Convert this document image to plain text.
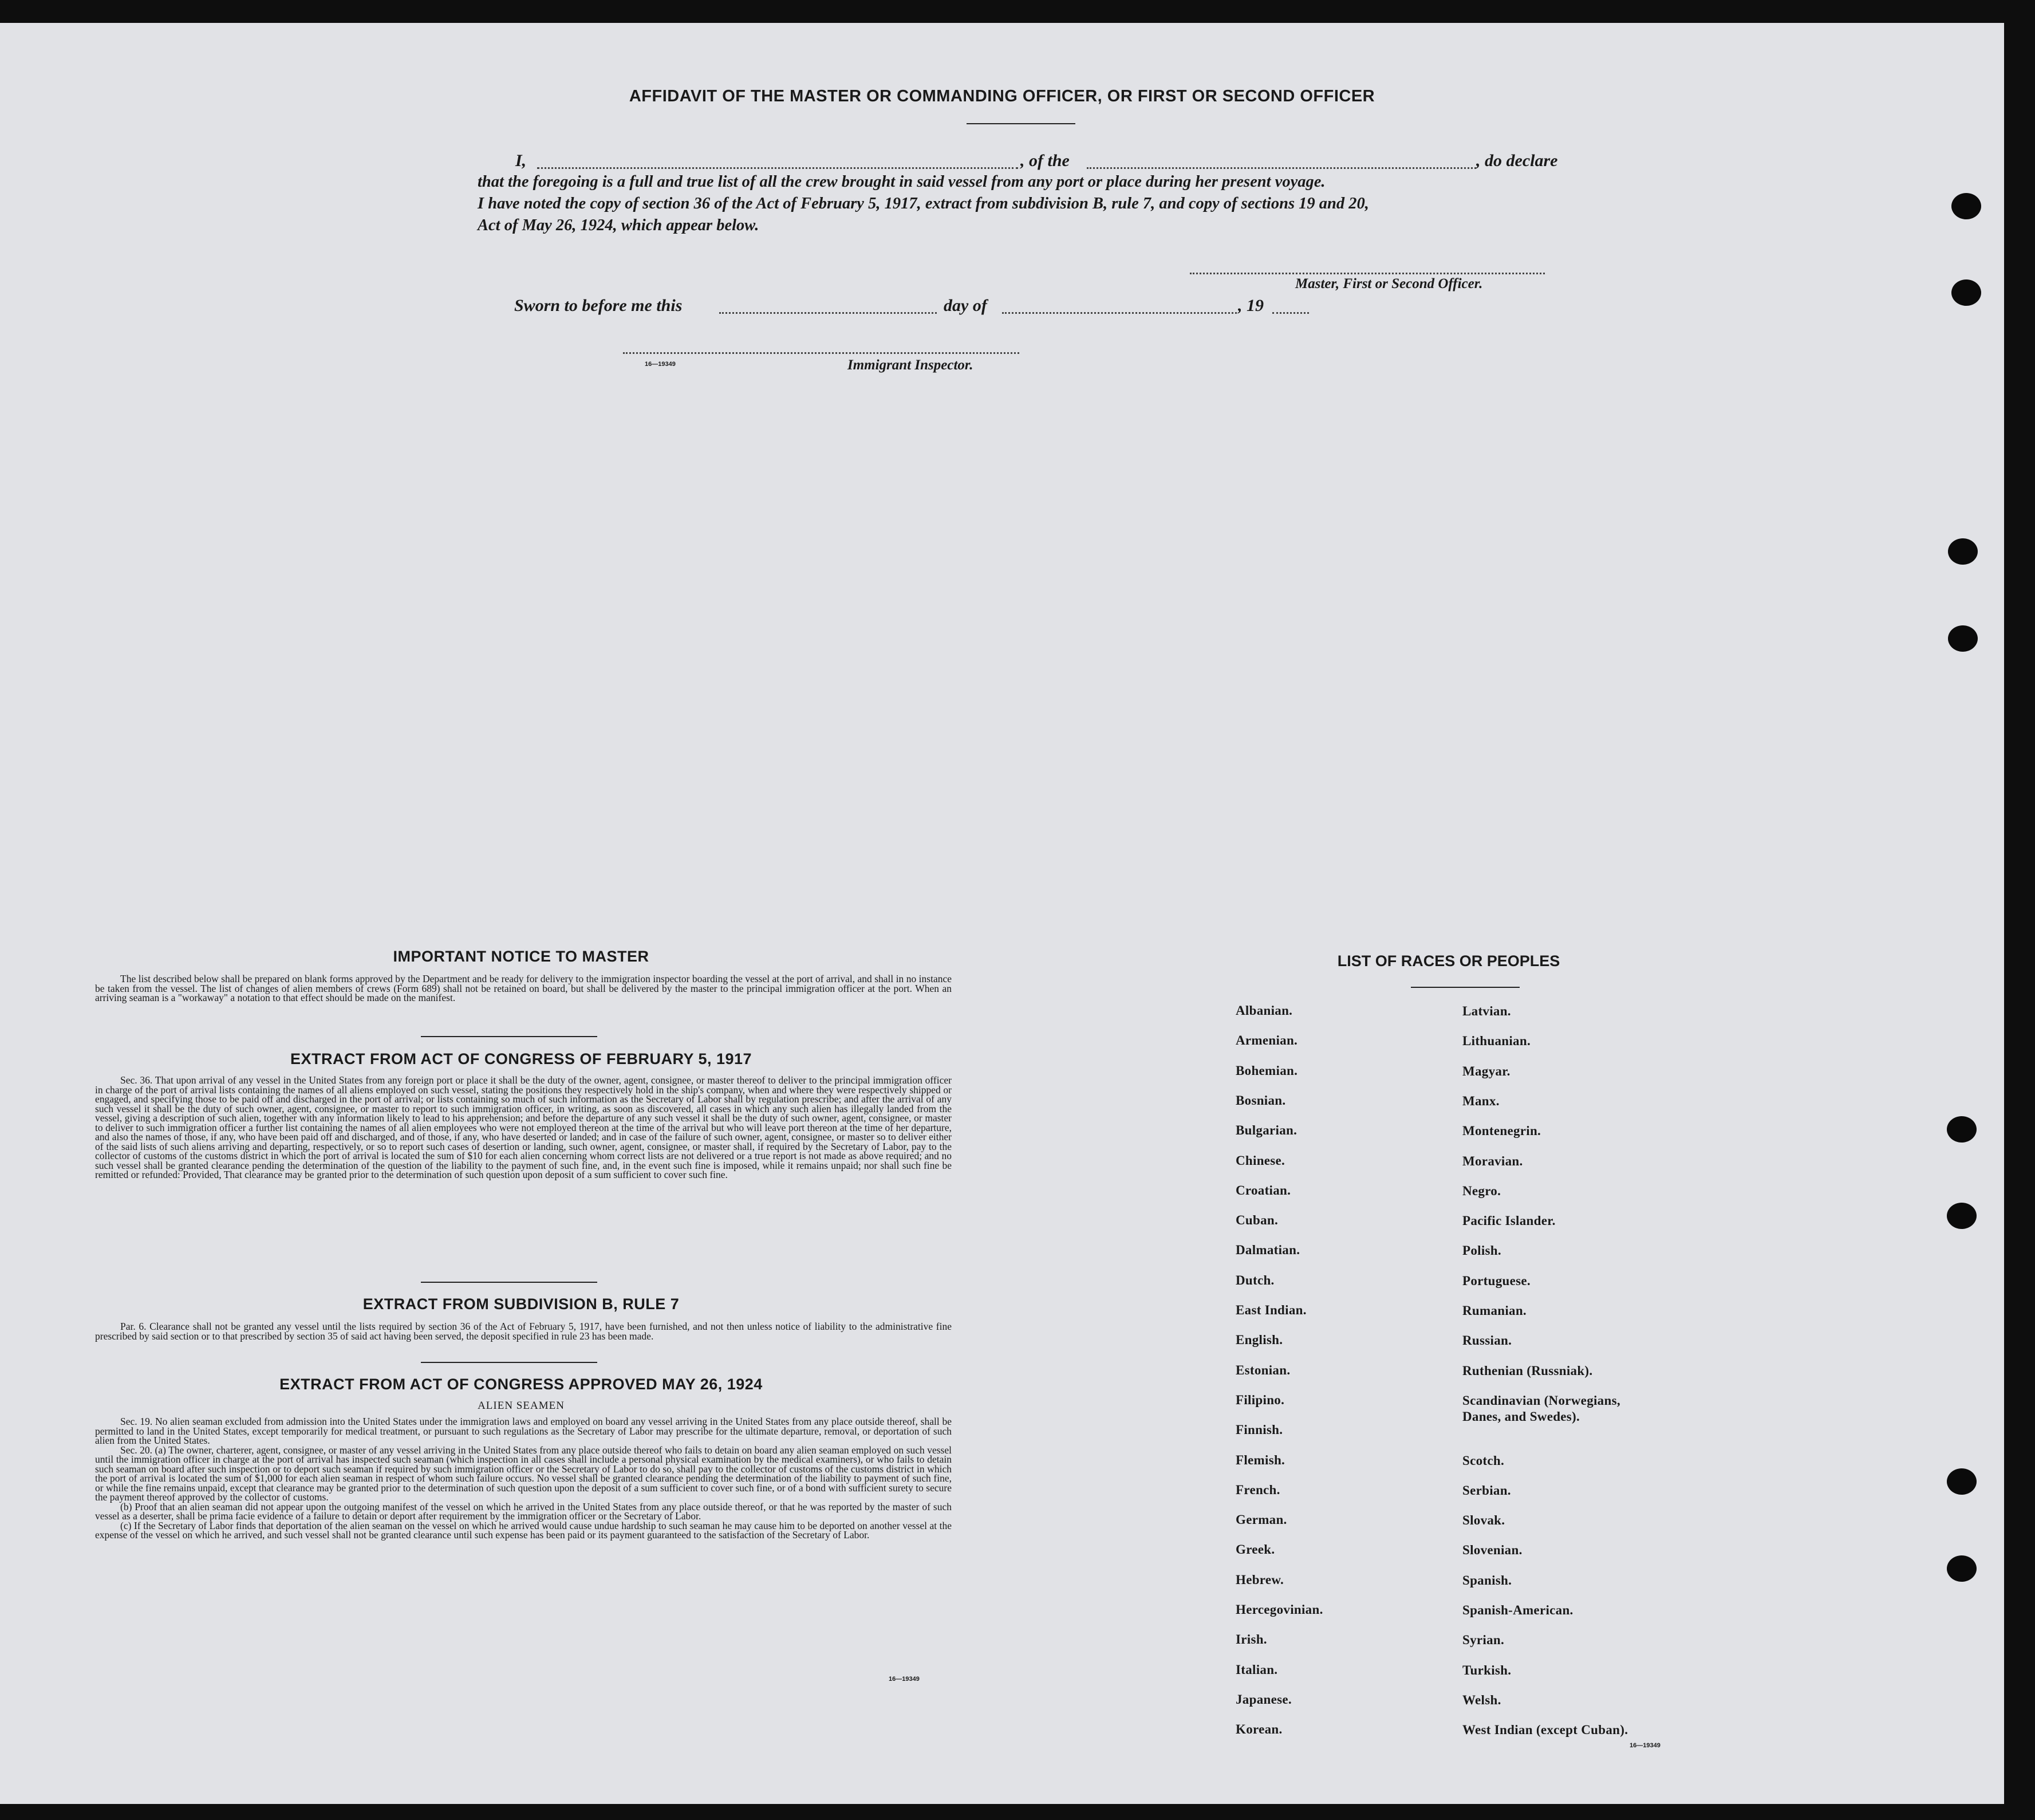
AFFIDAVIT OF THE MASTER OR COMMANDING OFFICER, OR FIRST OR SECOND OFFICER
I,	, of the	, do declare
that the foregoing is a full and true list of all the crew brought in said vessel from any port or place during her present voyage.
I have noted the copy of section 36 of the Act of February 5, 1917, extract from subdivision B, rule 7, and copy of sections 19 and 20,
Act of May 26, 1924, which appear below.
Master, First or Second Officer.
Sworn to before me this	day of	, 19
16—19349	Immigrant Inspector.
IMPORTANT NOTICE TO MASTER

The list described below shall be prepared on blank forms approved by the Department and be ready for delivery to the immigration inspector boarding the vessel at the port of arrival, and shall in no instance be taken from the vessel. The list of changes of alien members of crews (Form 689) shall not be retained on board, but shall be delivered by the master to the principal immigration officer at the port. When an arriving seaman is a "workaway" a notation to that effect should be made on the manifest.

EXTRACT FROM ACT OF CONGRESS OF FEBRUARY 5, 1917

Sec. 36. That upon arrival of any vessel in the United States from any foreign port or place it shall be the duty of the owner, agent, consignee, or master thereof to deliver to the principal immigration officer in charge of the port of arrival lists containing the names of all aliens employed on such vessel, stating the positions they respectively hold in the ship's company, when and where they were respectively shipped or engaged, and specifying those to be paid off and discharged in the port of arrival; or lists containing so much of such information as the Secretary of Labor shall by regulation prescribe; and after the arrival of any such vessel it shall be the duty of such owner, agent, consignee, or master to report to such immigration officer, in writing, as soon as discovered, all cases in which any such alien has illegally landed from the vessel, giving a description of such alien, together with any information likely to lead to his apprehension; and before the departure of any such vessel it shall be the duty of such owner, agent, consignee, or master to deliver to such immigration officer a further list containing the names of all alien employees who were not employed thereon at the time of the arrival but who will leave port thereon at the time of her departure, and also the names of those, if any, who have been paid off and discharged, and of those, if any, who have deserted or landed; and in case of the failure of such owner, agent, consignee, or master so to deliver either of the said lists of such aliens arriving and departing, respectively, or so to report such cases of desertion or landing, such owner, agent, consignee, or master shall, if required by the Secretary of Labor, pay to the collector of customs of the customs district in which the port of arrival is located the sum of $10 for each alien concerning whom correct lists are not delivered or a true report is not made as above required; and no such vessel shall be granted clearance pending the determination of the question of the liability to the payment of such fine, and, in the event such fine is imposed, while it remains unpaid; nor shall such fine be remitted or refunded: Provided, That clearance may be granted prior to the determination of such question upon deposit of a sum sufficient to cover such fine.

EXTRACT FROM SUBDIVISION B, RULE 7

Par. 6. Clearance shall not be granted any vessel until the lists required by section 36 of the Act of February 5, 1917, have been furnished, and not then unless notice of liability to the administrative fine prescribed by said section or to that prescribed by section 35 of said act having been served, the deposit specified in rule 23 has been made.

EXTRACT FROM ACT OF CONGRESS APPROVED MAY 26, 1924
ALIEN SEAMEN

Sec. 19. No alien seaman excluded from admission into the United States under the immigration laws and employed on board any vessel arriving in the United States from any place outside thereof, shall be permitted to land in the United States, except temporarily for medical treatment, or pursuant to such regulations as the Secretary of Labor may prescribe for the ultimate departure, removal, or deportation of such alien from the United States.

Sec. 20. (a) The owner, charterer, agent, consignee, or master of any vessel arriving in the United States from any place outside thereof who fails to detain on board any alien seaman employed on such vessel until the immigration officer in charge at the port of arrival has inspected such seaman (which inspection in all cases shall include a personal physical examination by the medical examiners), or who fails to detain such seaman on board after such inspection or to deport such seaman if required by such immigration officer or the Secretary of Labor to do so, shall pay to the collector of customs of the customs district in which the port of arrival is located the sum of $1,000 for each alien seaman in respect of whom such failure occurs. No vessel shall be granted clearance pending the determination of the liability to payment of such fine, or while the fine remains unpaid, except that clearance may be granted prior to the determination of such question upon the deposit of a sum sufficient to cover such fine, or of a bond with sufficient surety to secure the payment thereof approved by the collector of customs.

(b) Proof that an alien seaman did not appear upon the outgoing manifest of the vessel on which he arrived in the United States from any place outside thereof, or that he was reported by the master of such vessel as a deserter, shall be prima facie evidence of a failure to detain or deport after requirement by the immigration officer or the Secretary of Labor.

(c) If the Secretary of Labor finds that deportation of the alien seaman on the vessel on which he arrived would cause undue hardship to such seaman he may cause him to be deported on another vessel at the expense of the vessel on which he arrived, and such vessel shall not be granted clearance until such expense has been paid or its payment guaranteed to the satisfaction of the Secretary of Labor.

16—19349
LIST OF RACES OR PEOPLES
16—19349
Albanian.
Armenian.
Bohemian.
Bosnian.
Bulgarian.
Chinese.
Croatian.
Cuban.
Dalmatian.
Dutch.
East Indian.
English.
Estonian.
Filipino.
Finnish.
Flemish.
French.
German.
Greek.
Hebrew.
Hercegovinian.
Irish.
Italian.
Japanese.
Korean.
Latvian.
Lithuanian.
Magyar.
Manx.
Montenegrin.
Moravian.
Negro.
Pacific Islander.
Polish.
Portuguese.
Rumanian.
Russian.
Ruthenian (Russniak).
Scandinavian (Norwegians,
Danes, and Swedes).
Scotch.
Serbian.
Slovak.
Slovenian.
Spanish.
Spanish-American.
Syrian.
Turkish.
Welsh.
West Indian (except Cuban).
